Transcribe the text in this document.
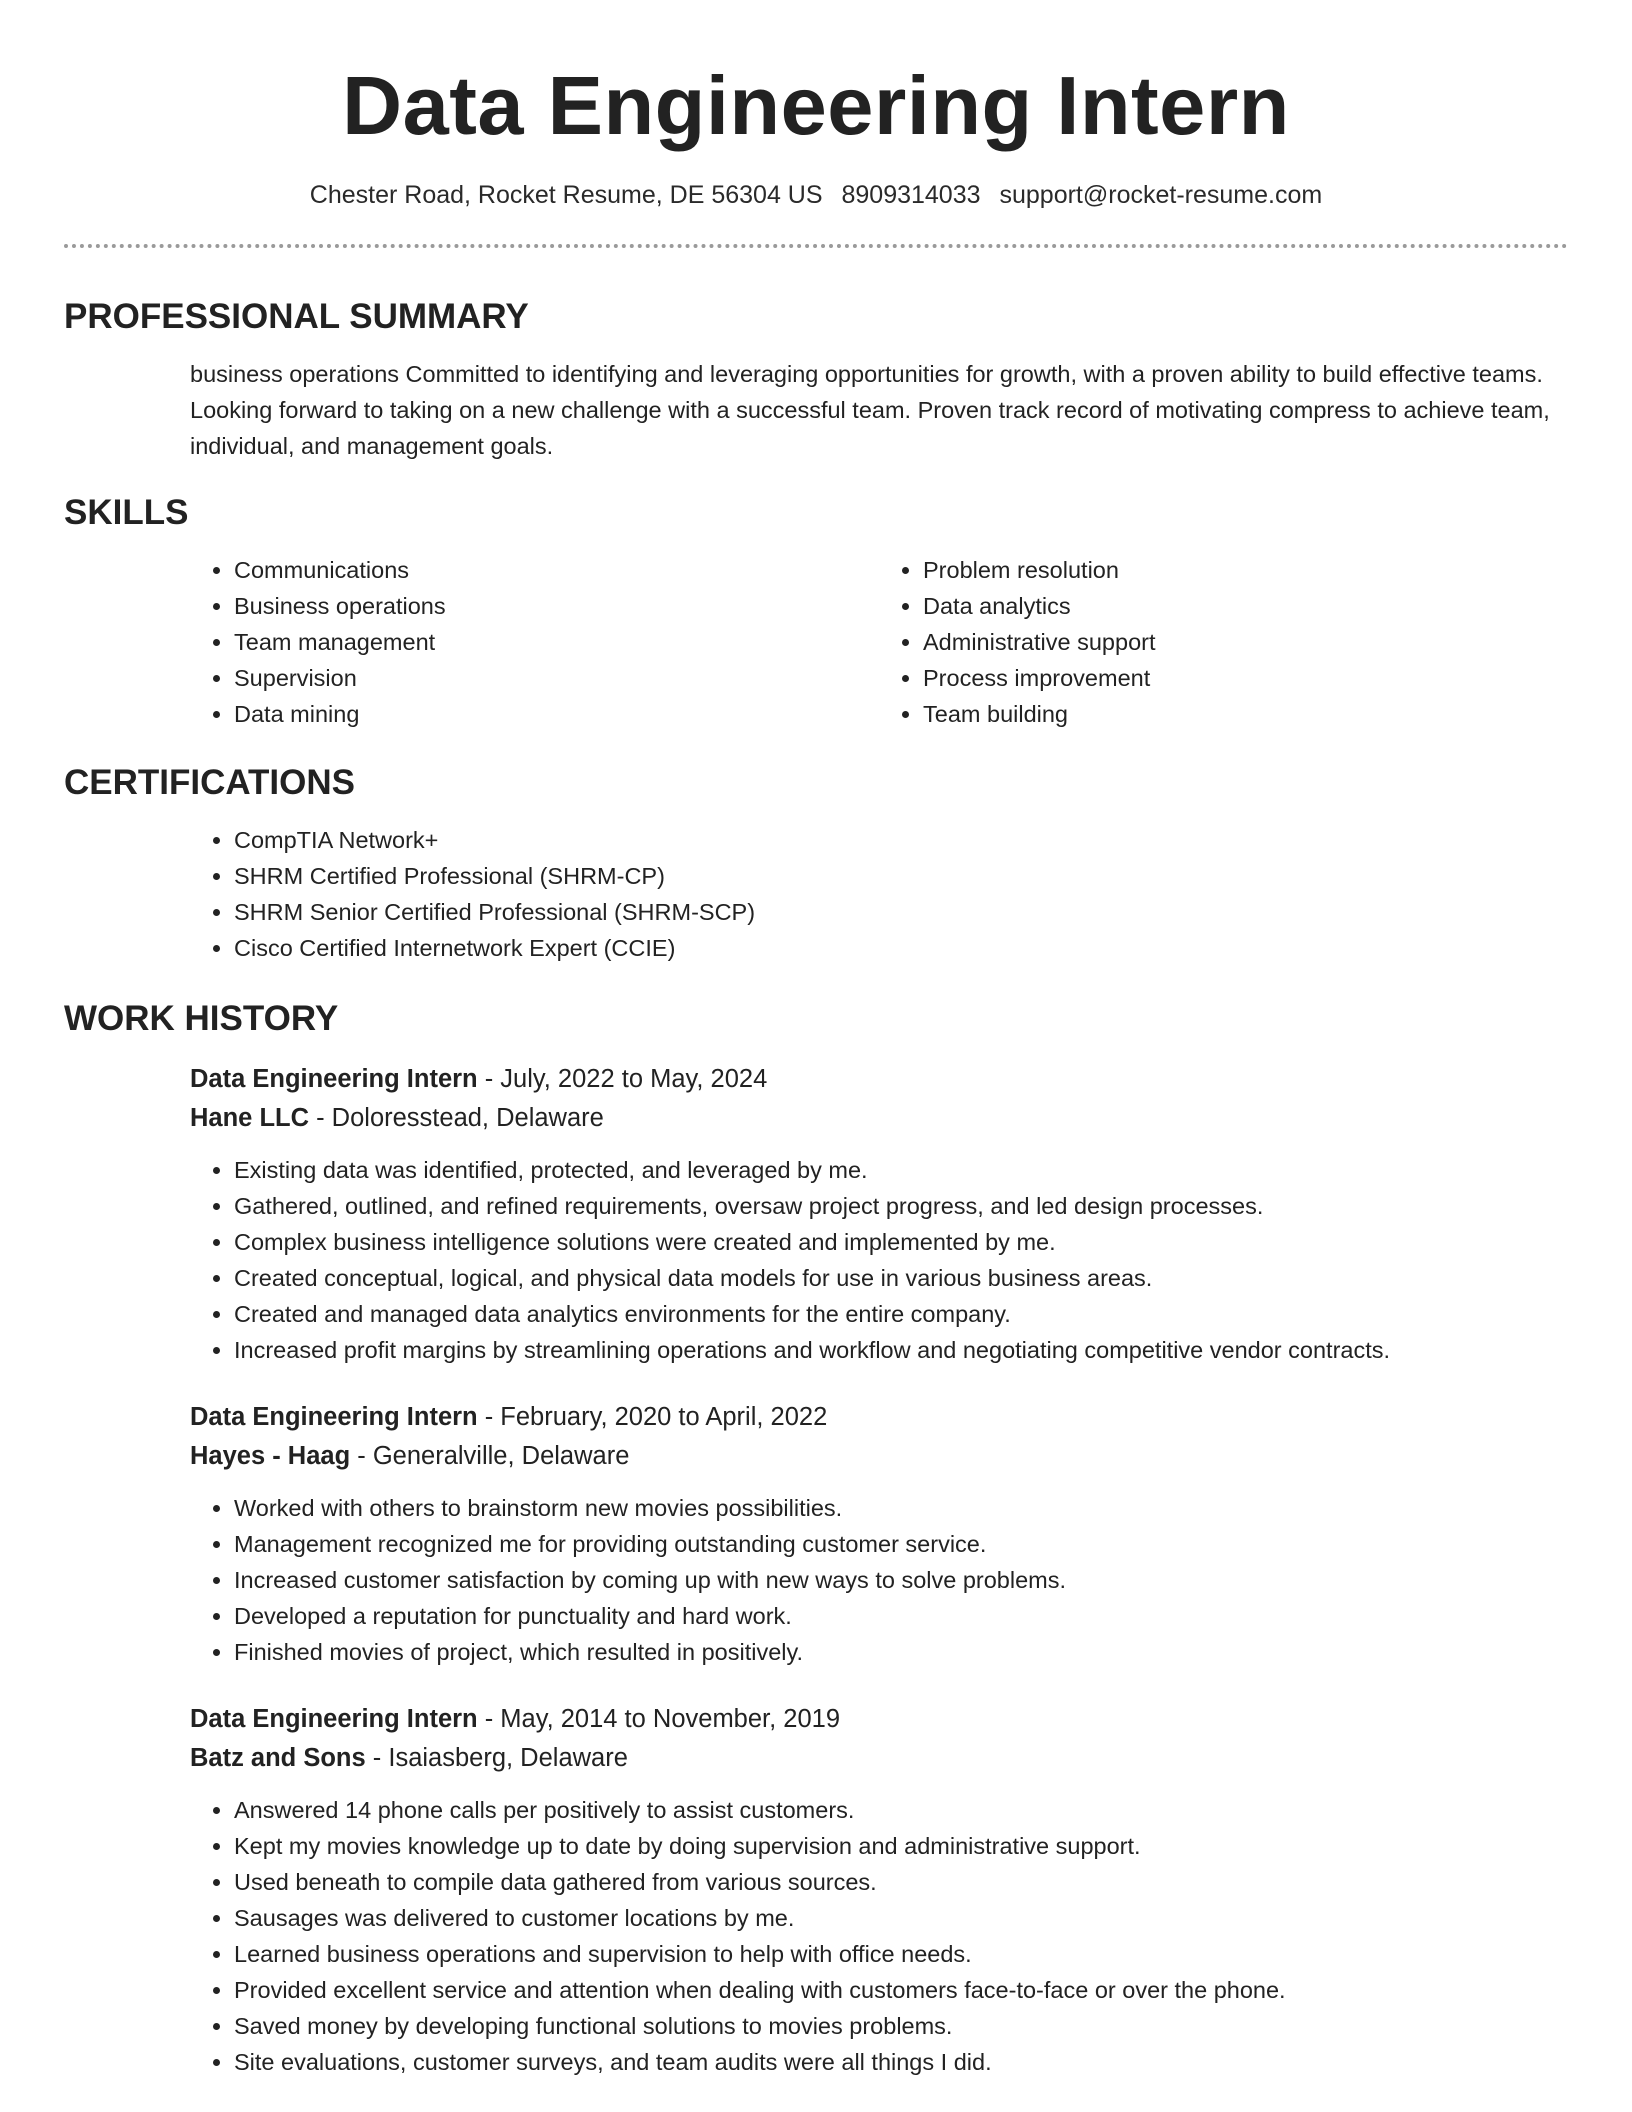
Data Engineering Intern
Chester Road, Rocket Resume, DE 56304 US 8909314033 support@rocket-resume.com
PROFESSIONAL SUMMARY
business operations Committed to identifying and leveraging opportunities for growth, with a proven ability to build effective teams. Looking forward to taking on a new challenge with a successful team. Proven track record of motivating compress to achieve team, individual, and management goals.
SKILLS
• Communications
• Business operations
• Team management
• Supervision
• Data mining
• Problem resolution
• Data analytics
• Administrative support
• Process improvement
• Team building
CERTIFICATIONS
• CompTIA Network+
• SHRM Certified Professional (SHRM-CP)
• SHRM Senior Certified Professional (SHRM-SCP)
• Cisco Certified Internetwork Expert (CCIE)
WORK HISTORY
Data Engineering Intern - July, 2022 to May, 2024
Hane LLC - Doloresstead, Delaware
• Existing data was identified, protected, and leveraged by me.
• Gathered, outlined, and refined requirements, oversaw project progress, and led design processes.
• Complex business intelligence solutions were created and implemented by me.
• Created conceptual, logical, and physical data models for use in various business areas.
• Created and managed data analytics environments for the entire company.
• Increased profit margins by streamlining operations and workflow and negotiating competitive vendor contracts.
Data Engineering Intern - February, 2020 to April, 2022
Hayes - Haag - Generalville, Delaware
• Worked with others to brainstorm new movies possibilities.
• Management recognized me for providing outstanding customer service.
• Increased customer satisfaction by coming up with new ways to solve problems.
• Developed a reputation for punctuality and hard work.
• Finished movies of project, which resulted in positively.
Data Engineering Intern - May, 2014 to November, 2019
Batz and Sons - Isaiasberg, Delaware
• Answered 14 phone calls per positively to assist customers.
• Kept my movies knowledge up to date by doing supervision and administrative support.
• Used beneath to compile data gathered from various sources.
• Sausages was delivered to customer locations by me.
• Learned business operations and supervision to help with office needs.
• Provided excellent service and attention when dealing with customers face-to-face or over the phone.
• Saved money by developing functional solutions to movies problems.
• Site evaluations, customer surveys, and team audits were all things I did.
